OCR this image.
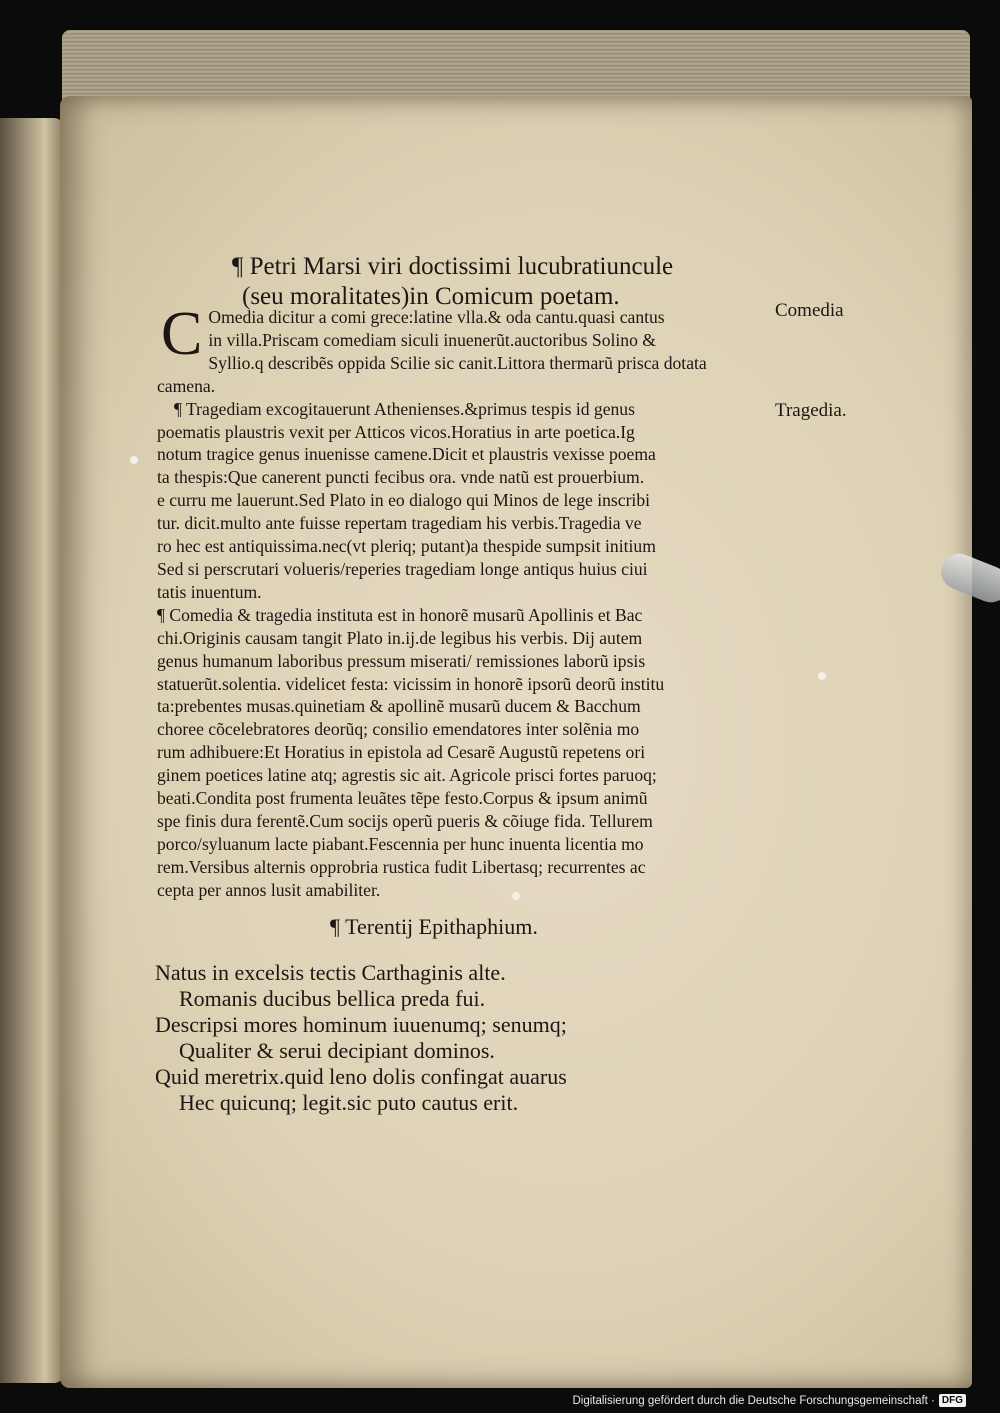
¶ Petri Marsi viri doctissimi lucubratiuncule
(seu moralitates)in Comicum poetam.
Comedia
Tragedia.
C Omedia dicitur a comi grece:latine vlla.& oda cantu.quasi cantus
in villa.Priscam comediam siculi inuenerũt.auctoribus Solino &
Syllio.q describẽs oppida Scilie sic canit.Littora thermarũ prisca dotata
camena.
¶ Tragediam excogitauerunt Athenienses.&primus tespis id genus
poematis plaustris vexit per Atticos vicos.Horatius in arte poetica.Ig
notum tragice genus inuenisse camene.Dicit et plaustris vexisse poema
ta thespis:Que canerent puncti fecibus ora. vnde natũ est prouerbium.
e curru me lauerunt.Sed Plato in eo dialogo qui Minos de lege inscribi
tur. dicit.multo ante fuisse repertam tragediam his verbis.Tragedia ve
ro hec est antiquissima.nec(vt pleriq; putant)a thespide sumpsit initium
Sed si perscrutari volueris/reperies tragediam longe antiqus huius ciui
tatis inuentum.
¶ Comedia & tragedia instituta est in honorẽ musarũ Apollinis et Bac
chi.Originis causam tangit Plato in.ij.de legibus his verbis. Dij autem
genus humanum laboribus pressum miserati/ remissiones laborũ ipsis
statuerũt.solentia. videlicet festa: vicissim in honorẽ ipsorũ deorũ institu
ta:prebentes musas.quinetiam & apollinẽ musarũ ducem & Bacchum
choree cõcelebratores deorũq; consilio emendatores inter solẽnia mo
rum adhibuere:Et Horatius in epistola ad Cesarẽ Augustũ repetens ori
ginem poetices latine atq; agrestis sic ait. Agricole prisci fortes paruoq;
beati.Condita post frumenta leuãtes tẽpe festo.Corpus & ipsum animũ
spe finis dura ferentẽ.Cum socijs operũ pueris & cõiuge fida. Tellurem
porco/syluanum lacte piabant.Fescennia per hunc inuenta licentia mo
rem.Versibus alternis opprobria rustica fudit Libertasq; recurrentes ac
cepta per annos lusit amabiliter.
¶ Terentij Epithaphium.
Natus in excelsis tectis Carthaginis alte.
Romanis ducibus bellica preda fui.
Descripsi mores hominum iuuenumq; senumq;
Qualiter & serui decipiant dominos.
Quid meretrix.quid leno dolis confingat auarus
Hec quicunq; legit.sic puto cautus erit.
Digitalisierung gefördert durch die Deutsche Forschungsgemeinschaft · DFG
